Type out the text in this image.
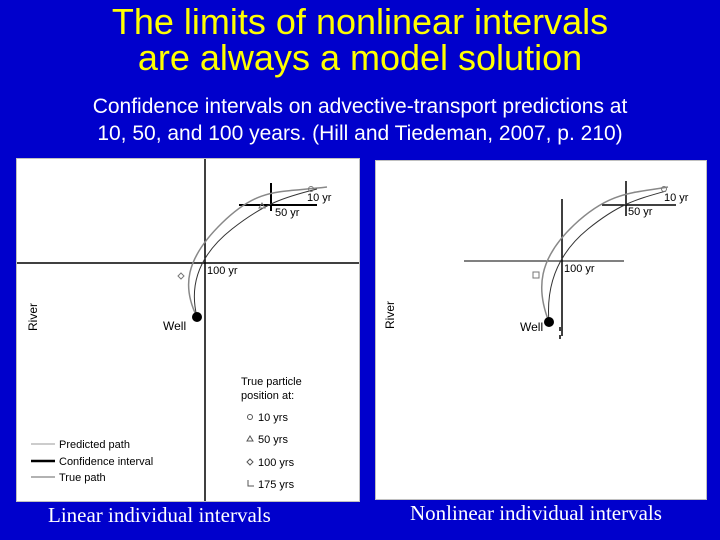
The limits of nonlinear intervals
are always a model solution
Confidence intervals on advective-transport predictions at
10, 50, and 100 years. (Hill and Tiedeman, 2007, p. 210)
10 yr
50 yr
100 yr
Well
River
True particle
position at:
10 yrs
50 yrs
100 yrs
175 yrs
Predicted path
Confidence interval
True path
10 yr
50 yr
100 yr
Well
River
Linear individual intervals	Nonlinear individual intervals
